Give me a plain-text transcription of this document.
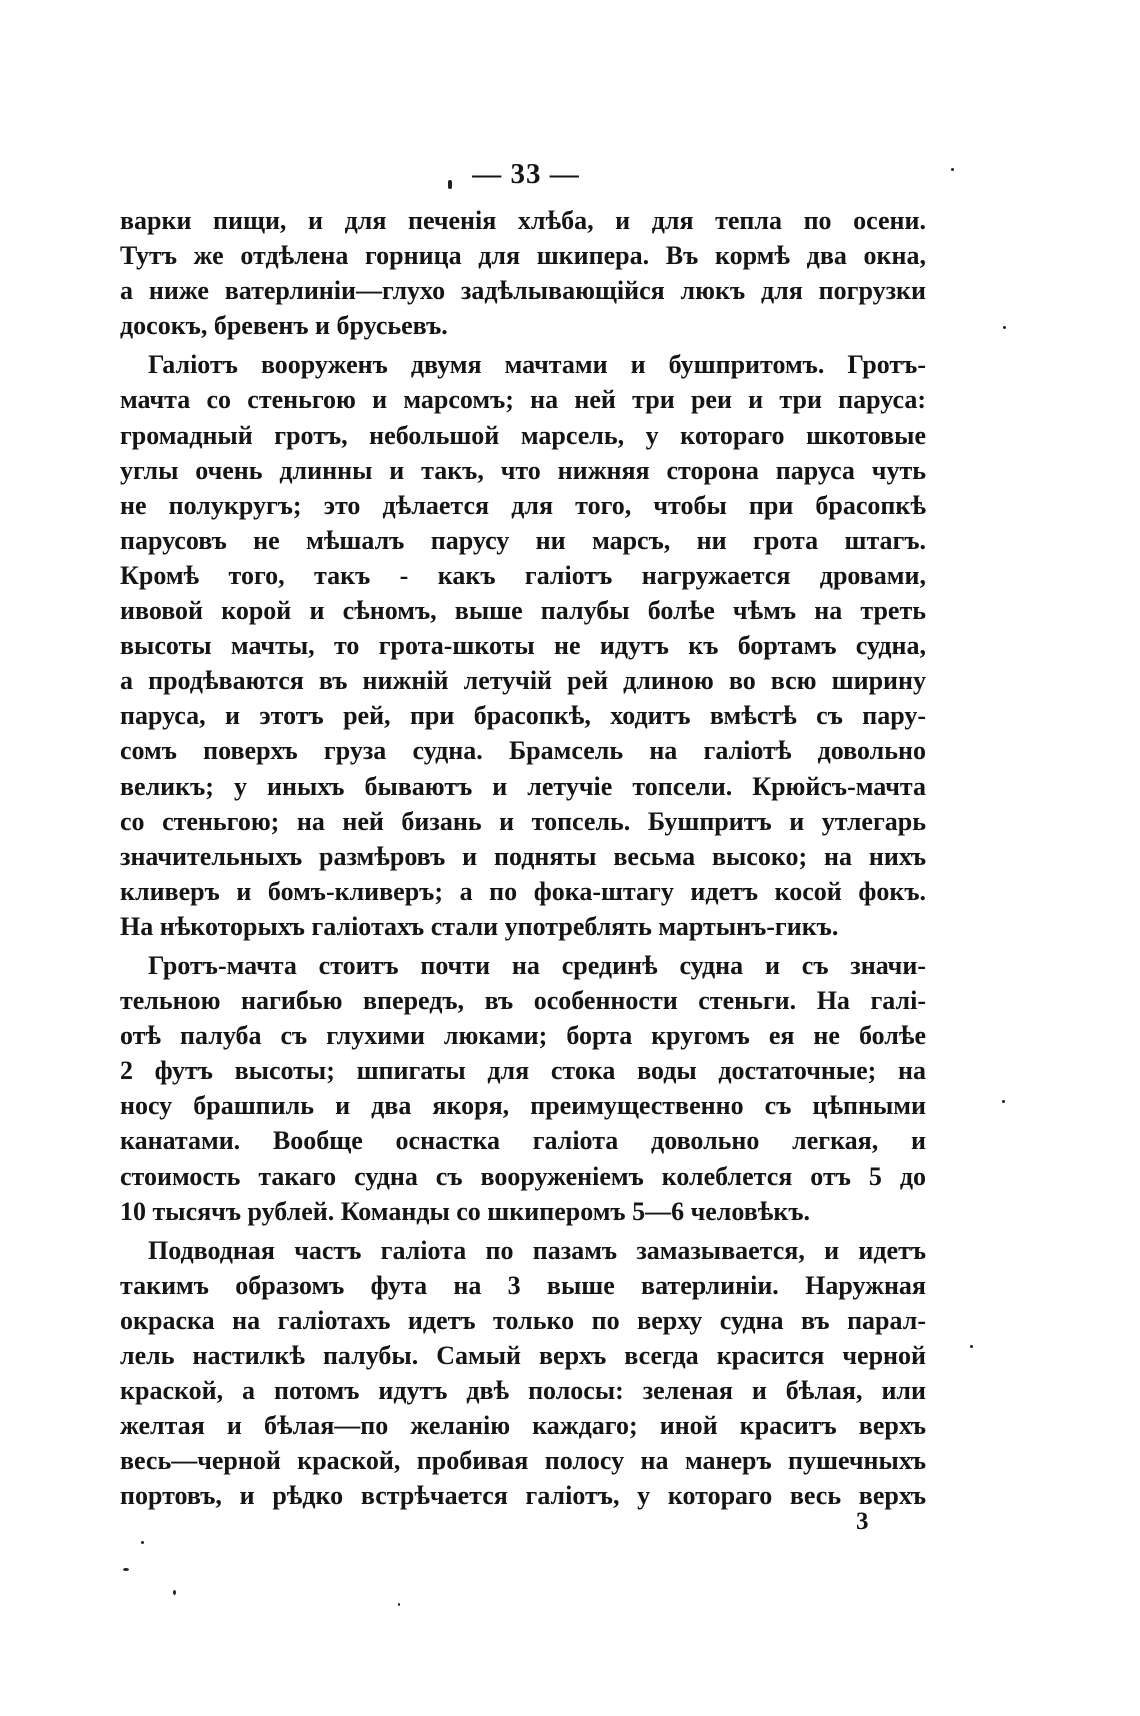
— 33 —
варки пищи, и для печенія хлѣба, и для тепла по осени.
Тутъ же отдѣлена горница для шкипера. Въ кормѣ два окна,
а ниже ватерлиніи—глухо задѣлывающійся люкъ для погрузки
досокъ, бревенъ и брусьевъ.
Галіотъ вооруженъ двумя мачтами и бушпритомъ. Гротъ-
мачта со стеньгою и марсомъ; на ней три реи и три паруса:
громадный гротъ, небольшой марсель, у котораго шкотовые
углы очень длинны и такъ, что нижняя сторона паруса чуть
не полукругъ; это дѣлается для того, чтобы при брасопкѣ
парусовъ не мѣшалъ парусу ни марсъ, ни грота штагъ.
Кромѣ того, такъ - какъ галіотъ нагружается дровами,
ивовой корой и сѣномъ, выше палубы болѣе чѣмъ на треть
высоты мачты, то грота-шкоты не идутъ къ бортамъ судна,
а продѣваются въ нижній летучій рей длиною во всю ширину
паруса, и этотъ рей, при брасопкѣ, ходитъ вмѣстѣ съ пару-
сомъ поверхъ груза судна. Брамсель на галіотѣ довольно
великъ; у иныхъ бываютъ и летучіе топсели. Крюйсъ-мачта
со стеньгою; на ней бизань и топсель. Бушпритъ и утлегарь
значительныхъ размѣровъ и подняты весьма высоко; на нихъ
кливеръ и бомъ-кливеръ; а по фока-штагу идетъ косой фокъ.
На нѣкоторыхъ галіотахъ стали употреблять мартынъ-гикъ.
Гротъ-мачта стоитъ почти на срединѣ судна и съ значи-
тельною нагибью впередъ, въ особенности стеньги. На галі-
отѣ палуба съ глухими люками; борта кругомъ ея не болѣе
2 футъ высоты; шпигаты для стока воды достаточные; на
носу брашпиль и два якоря, преимущественно съ цѣпными
канатами. Вообще оснастка галіота довольно легкая, и
стоимость такаго судна съ вооруженіемъ колеблется отъ 5 до
10 тысячъ рублей. Команды со шкиперомъ 5—6 человѣкъ.
Подводная частъ галіота по пазамъ замазывается, и идетъ
такимъ образомъ фута на 3 выше ватерлиніи. Наружная
окраска на галіотахъ идетъ только по верху судна въ парал-
лель настилкѣ палубы. Самый верхъ всегда красится черной
краской, а потомъ идутъ двѣ полосы: зеленая и бѣлая, или
желтая и бѣлая—по желанію каждаго; иной краситъ верхъ
весь—черной краской, пробивая полосу на манеръ пушечныхъ
портовъ, и рѣдко встрѣчается галіотъ, у котораго весь верхъ
3
